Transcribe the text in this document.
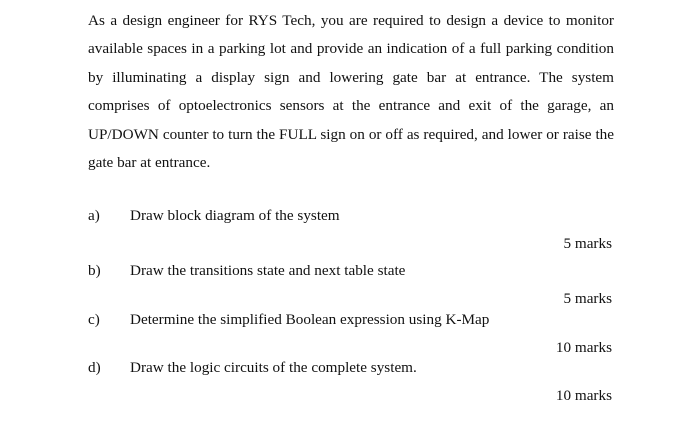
As a design engineer for RYS Tech, you are required to design a device to monitor available spaces in a parking lot and provide an indication of a full parking condition by illuminating a display sign and lowering gate bar at entrance. The system comprises of optoelectronics sensors at the entrance and exit of the garage, an UP/DOWN counter to turn the FULL sign on or off as required, and lower or raise the gate bar at entrance.

a) Draw block diagram of the system
5 marks
b) Draw the transitions state and next table state
5 marks
c) Determine the simplified Boolean expression using K-Map
10 marks
d) Draw the logic circuits of the complete system.
10 marks
